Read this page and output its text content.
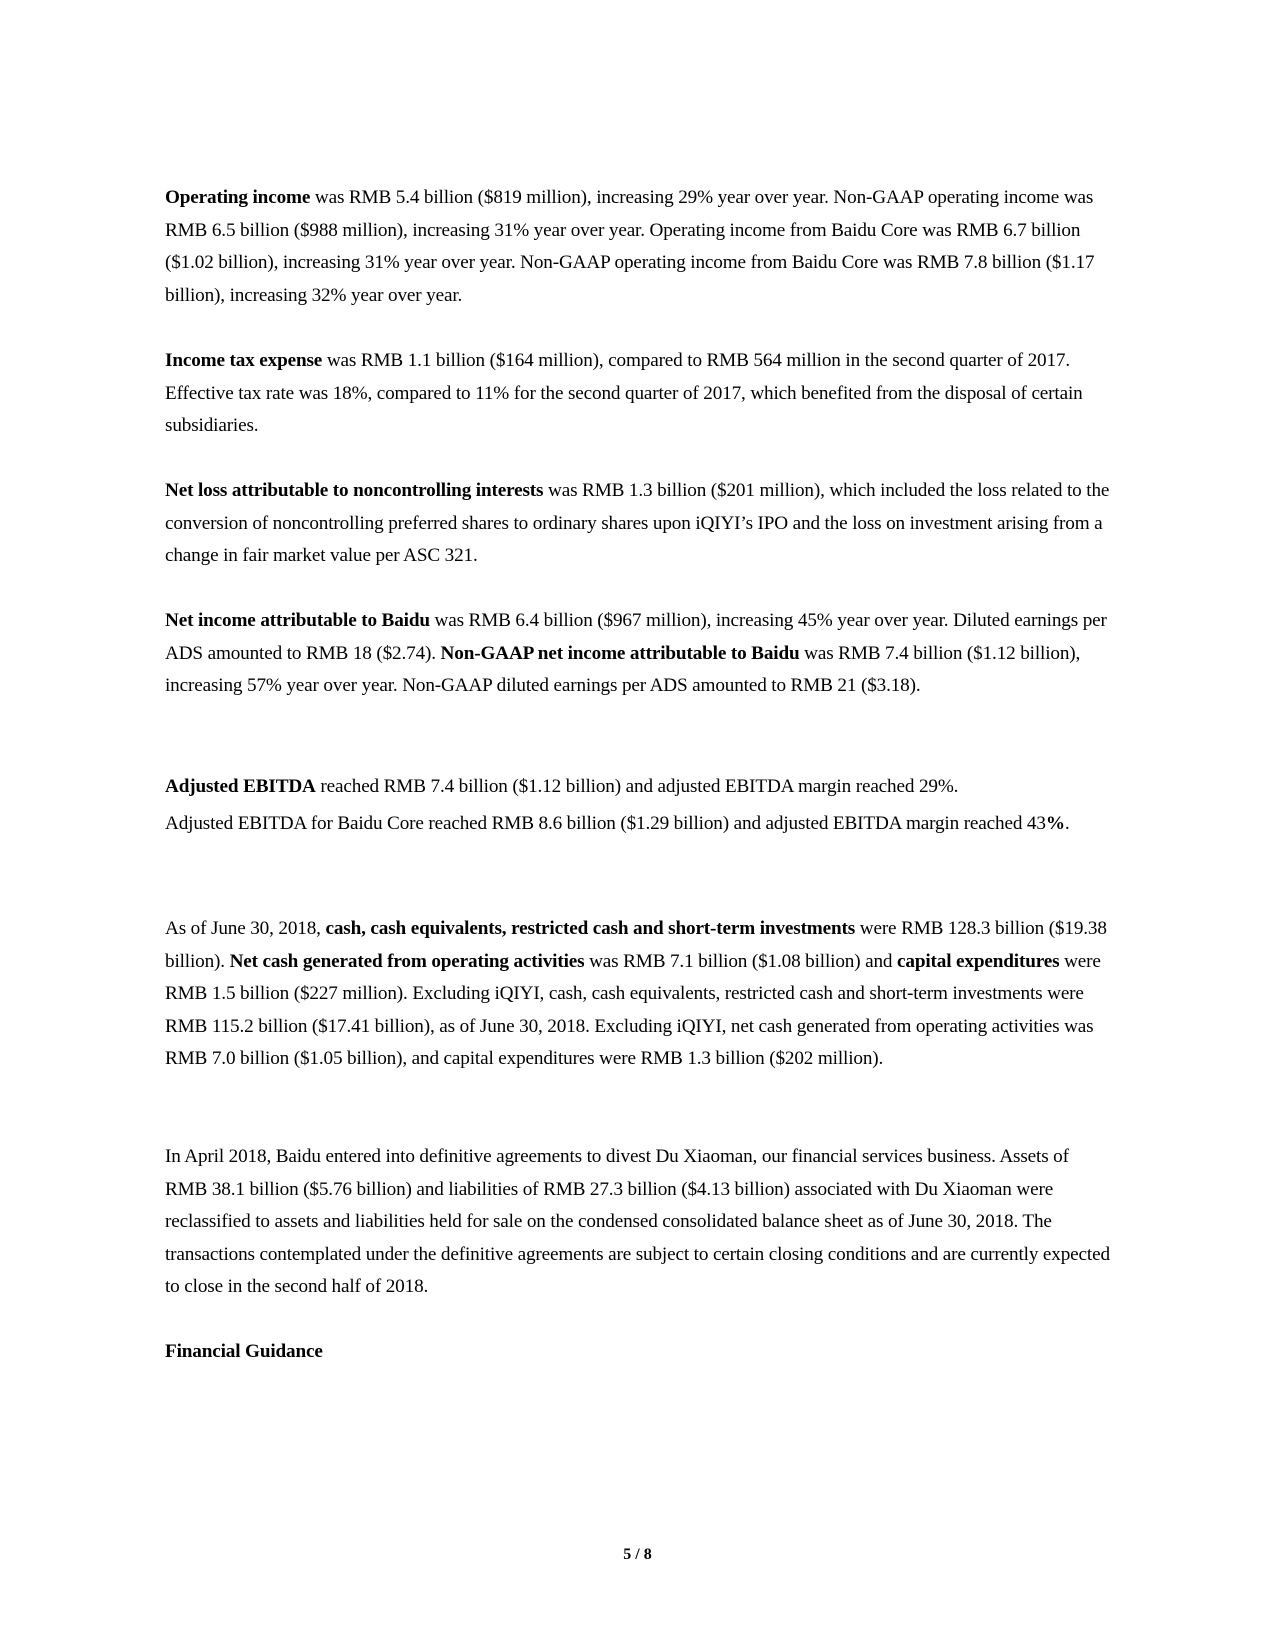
Operating income was RMB 5.4 billion ($819 million), increasing 29% year over year. Non-GAAP operating income was RMB 6.5 billion ($988 million), increasing 31% year over year. Operating income from Baidu Core was RMB 6.7 billion ($1.02 billion), increasing 31% year over year. Non-GAAP operating income from Baidu Core was RMB 7.8 billion ($1.17 billion), increasing 32% year over year.

Income tax expense was RMB 1.1 billion ($164 million), compared to RMB 564 million in the second quarter of 2017. Effective tax rate was 18%, compared to 11% for the second quarter of 2017, which benefited from the disposal of certain subsidiaries.

Net loss attributable to noncontrolling interests was RMB 1.3 billion ($201 million), which included the loss related to the conversion of noncontrolling preferred shares to ordinary shares upon iQIYI’s IPO and the loss on investment arising from a change in fair market value per ASC 321.

Net income attributable to Baidu was RMB 6.4 billion ($967 million), increasing 45% year over year. Diluted earnings per ADS amounted to RMB 18 ($2.74). Non-GAAP net income attributable to Baidu was RMB 7.4 billion ($1.12 billion), increasing 57% year over year. Non-GAAP diluted earnings per ADS amounted to RMB 21 ($3.18).

Adjusted EBITDA reached RMB 7.4 billion ($1.12 billion) and adjusted EBITDA margin reached 29%.
Adjusted EBITDA for Baidu Core reached RMB 8.6 billion ($1.29 billion) and adjusted EBITDA margin reached 43%.

As of June 30, 2018, cash, cash equivalents, restricted cash and short-term investments were RMB 128.3 billion ($19.38 billion). Net cash generated from operating activities was RMB 7.1 billion ($1.08 billion) and capital expenditures were RMB 1.5 billion ($227 million). Excluding iQIYI, cash, cash equivalents, restricted cash and short-term investments were RMB 115.2 billion ($17.41 billion), as of June 30, 2018. Excluding iQIYI, net cash generated from operating activities was RMB 7.0 billion ($1.05 billion), and capital expenditures were RMB 1.3 billion ($202 million).

In April 2018, Baidu entered into definitive agreements to divest Du Xiaoman, our financial services business. Assets of RMB 38.1 billion ($5.76 billion) and liabilities of RMB 27.3 billion ($4.13 billion) associated with Du Xiaoman were reclassified to assets and liabilities held for sale on the condensed consolidated balance sheet as of June 30, 2018. The transactions contemplated under the definitive agreements are subject to certain closing conditions and are currently expected to close in the second half of 2018.

Financial Guidance

5 / 8
